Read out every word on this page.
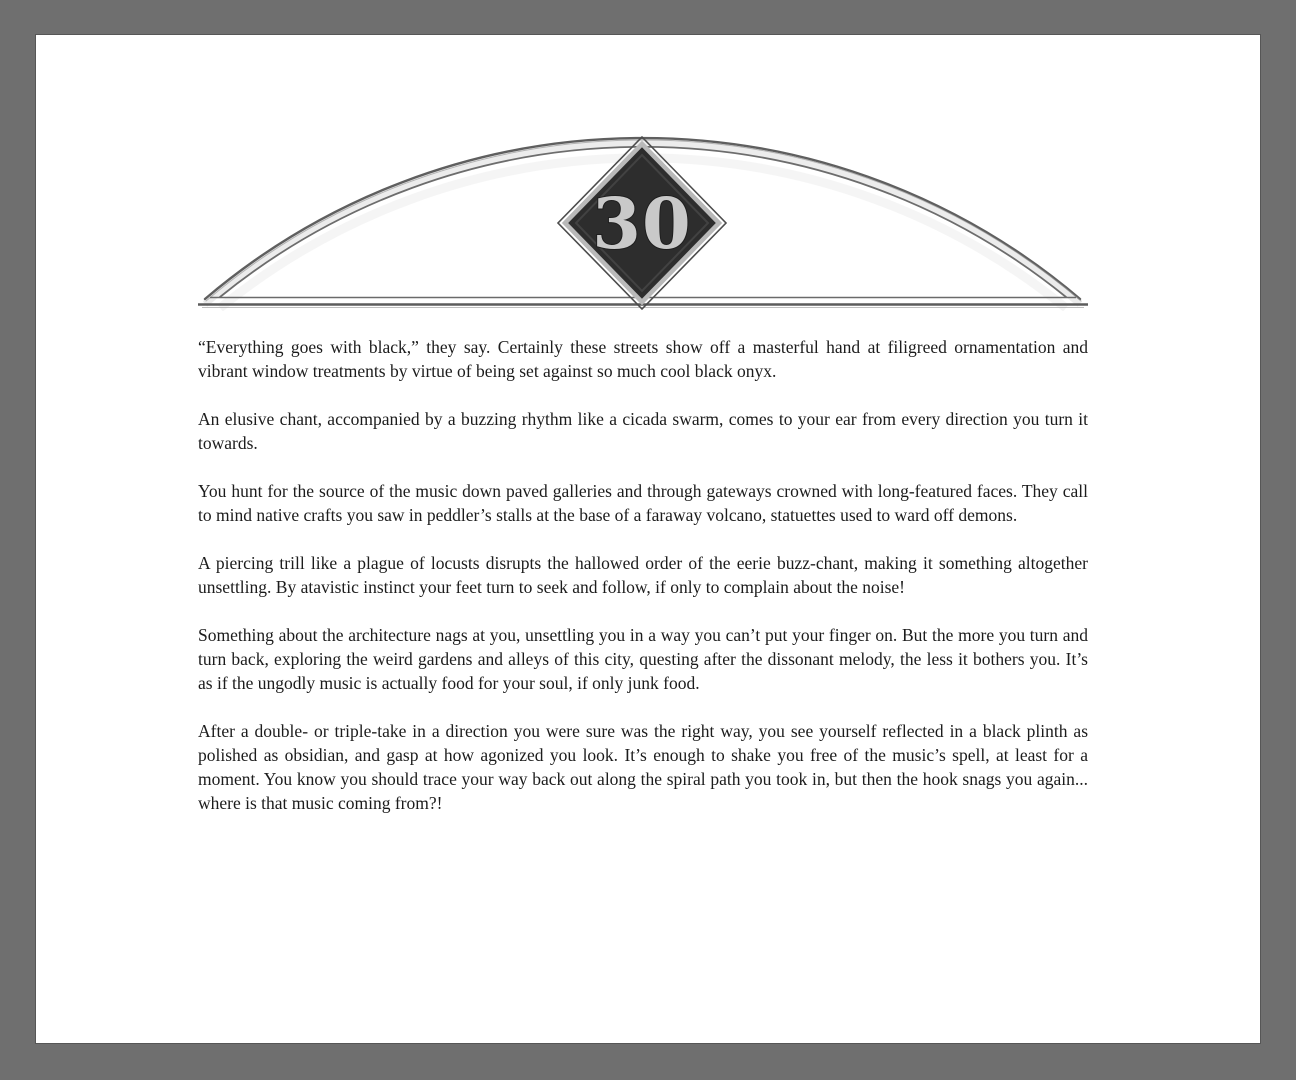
30

“Everything goes with black,” they say. Certainly these streets show off a masterful hand at filigreed ornamentation and vibrant window treatments by virtue of being set against so much cool black onyx.

An elusive chant, accompanied by a buzzing rhythm like a cicada swarm, comes to your ear from every direction you turn it towards.

You hunt for the source of the music down paved galleries and through gateways crowned with long-featured faces. They call to mind native crafts you saw in peddler’s stalls at the base of a faraway volcano, statuettes used to ward off demons.

A piercing trill like a plague of locusts disrupts the hallowed order of the eerie buzz-chant, making it something altogether unsettling. By atavistic instinct your feet turn to seek and follow, if only to complain about the noise!

Something about the architecture nags at you, unsettling you in a way you can’t put your finger on. But the more you turn and turn back, exploring the weird gardens and alleys of this city, questing after the dissonant melody, the less it bothers you. It’s as if the ungodly music is actually food for your soul, if only junk food.

After a double- or triple-take in a direction you were sure was the right way, you see yourself reflected in a black plinth as polished as obsidian, and gasp at how agonized you look. It’s enough to shake you free of the music’s spell, at least for a moment. You know you should trace your way back out along the spiral path you took in, but then the hook snags you again... where is that music coming from?!
